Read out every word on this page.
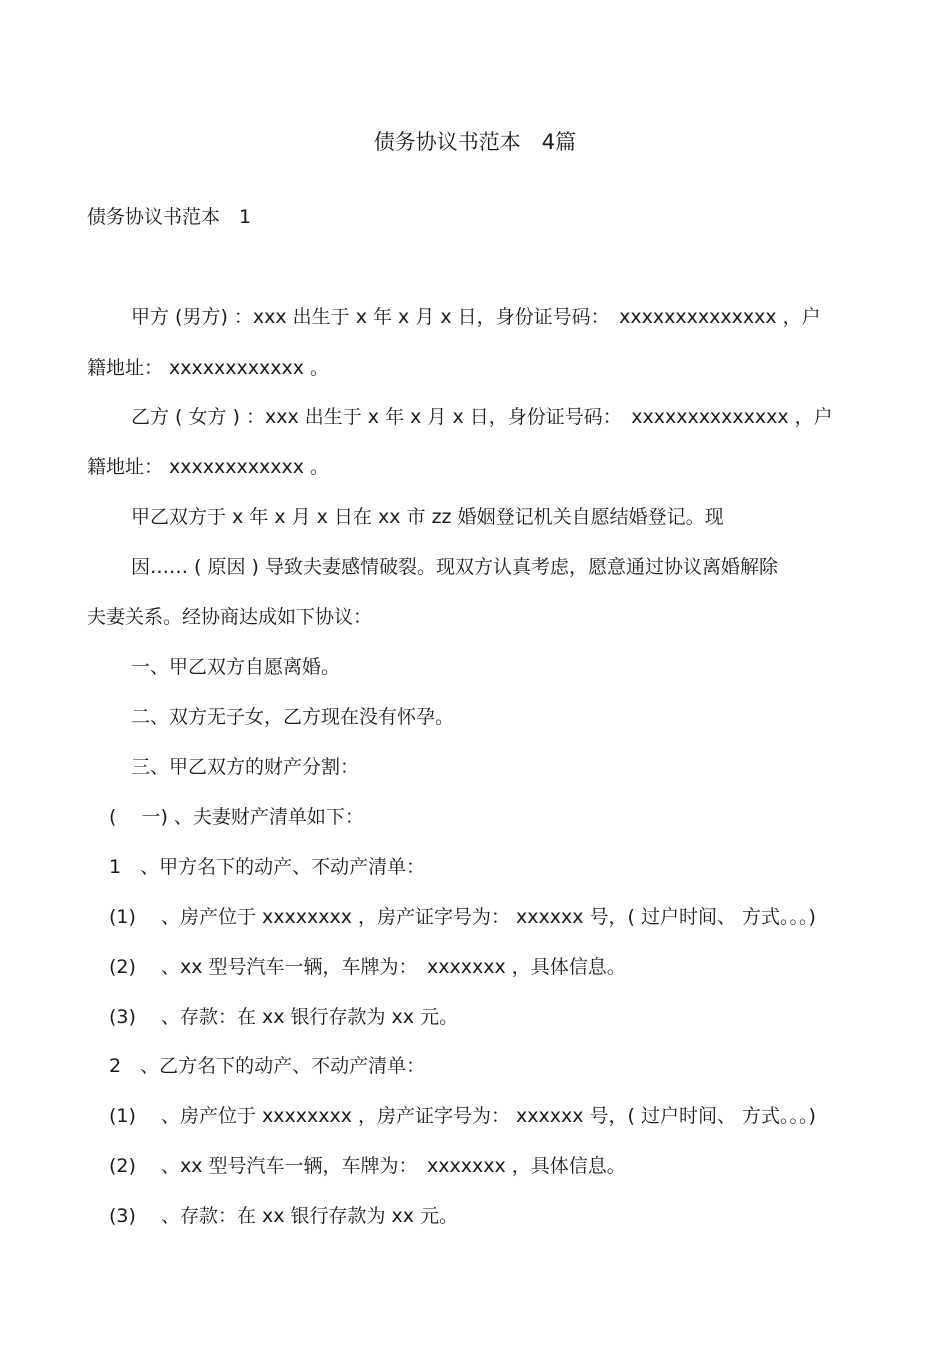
债务协议书范本　4篇
债务协议书范本　1
甲方 (男方) ：xxx 出生于 x 年 x 月 x 日，身份证号码：　xxxxxxxxxxxxxx ，户
籍地址： xxxxxxxxxxxx 。
乙方 ( 女方 ) ：xxx 出生于 x 年 x 月 x 日，身份证号码：　xxxxxxxxxxxxxx ，户
籍地址： xxxxxxxxxxxx 。
甲乙双方于 x 年 x 月 x 日在 xx 市 zz 婚姻登记机关自愿结婚登记。现
因…… ( 原因 ) 导致夫妻感情破裂。现双方认真考虑，愿意通过协议离婚解除
夫妻关系。经协商达成如下协议：
一、甲乙双方自愿离婚。
二、双方无子女，乙方现在没有怀孕。
三、甲乙双方的财产分割：
(　 一) 、夫妻财产清单如下：
1　、甲方名下的动产、不动产清单：
(1)　 、房产位于 xxxxxxxx ，房产证字号为： xxxxxx 号，( 过户时间、 方式。。。)
(2)　 、xx 型号汽车一辆，车牌为：　xxxxxxx ，具体信息。
(3)　 、存款：在 xx 银行存款为 xx 元。
2　、乙方名下的动产、不动产清单：
(1)　 、房产位于 xxxxxxxx ，房产证字号为： xxxxxx 号，( 过户时间、 方式。。。)
(2)　 、xx 型号汽车一辆，车牌为：　xxxxxxx ，具体信息。
(3)　 、存款：在 xx 银行存款为 xx 元。
